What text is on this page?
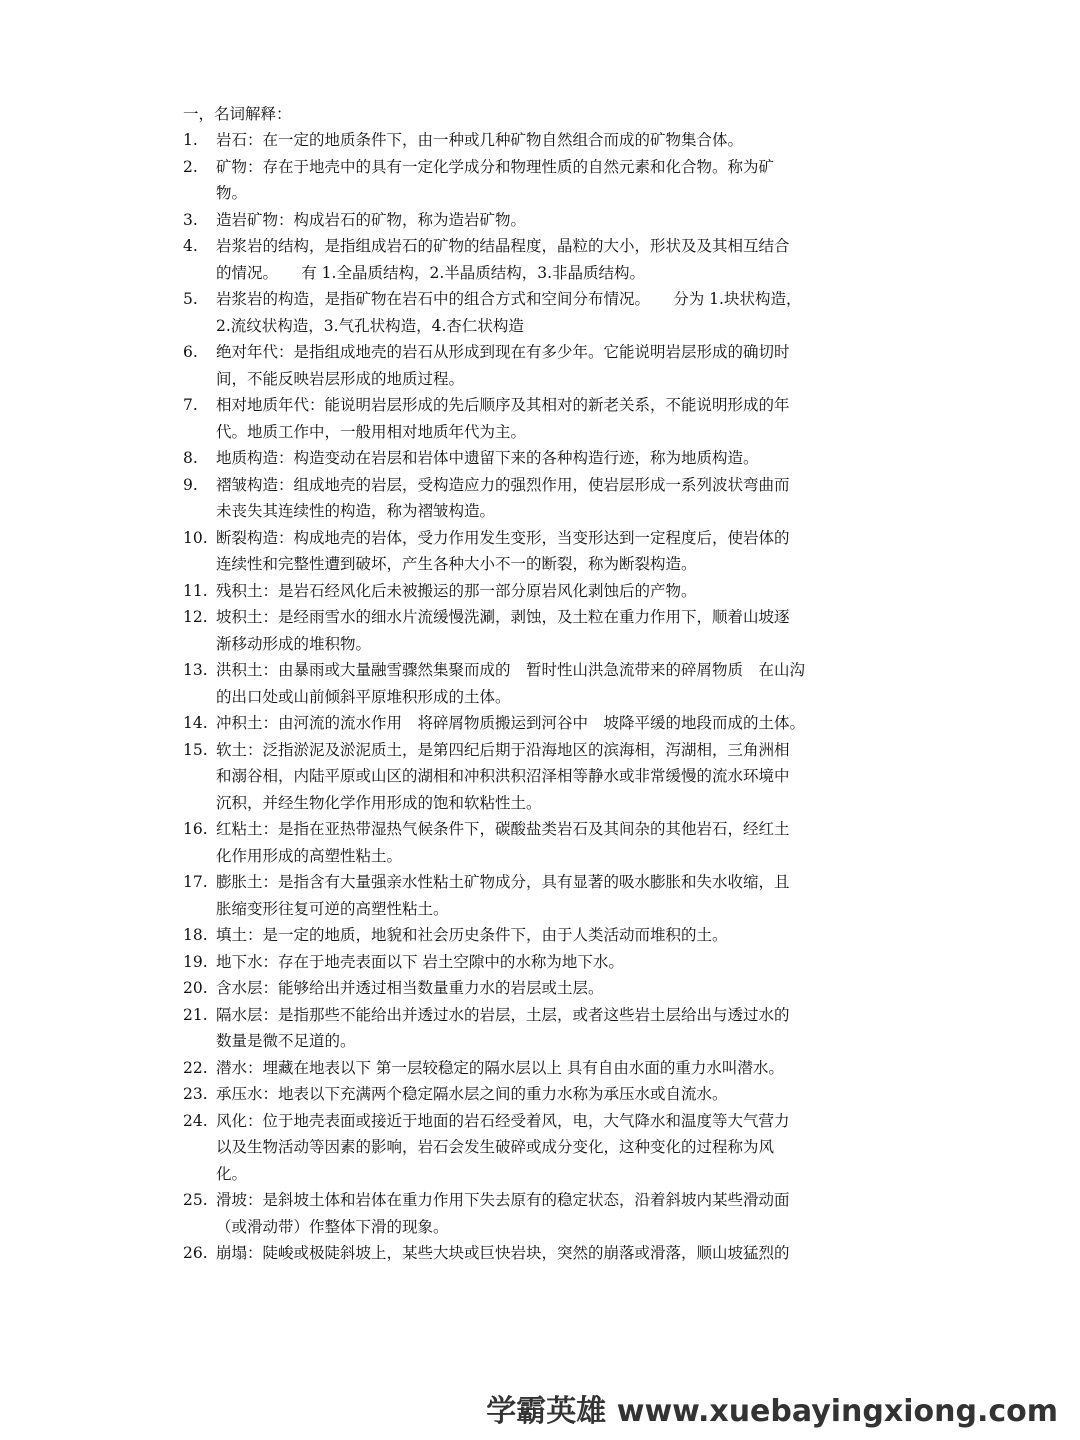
一，名词解释：
1. 岩石：在一定的地质条件下，由一种或几种矿物自然组合而成的矿物集合体。
2. 矿物：存在于地壳中的具有一定化学成分和物理性质的自然元素和化合物。称为矿
物。
3. 造岩矿物：构成岩石的矿物，称为造岩矿物。
4. 岩浆岩的结构，是指组成岩石的矿物的结晶程度，晶粒的大小，形状及及其相互结合
的情况。　　有 1.全晶质结构，2.半晶质结构，3.非晶质结构。
5. 岩浆岩的构造，是指矿物在岩石中的组合方式和空间分布情况。　　分为 1.块状构造，
2.流纹状构造，3.气孔状构造，4.杏仁状构造
6. 绝对年代：是指组成地壳的岩石从形成到现在有多少年。它能说明岩层形成的确切时
间，不能反映岩层形成的地质过程。
7. 相对地质年代：能说明岩层形成的先后顺序及其相对的新老关系，不能说明形成的年
代。地质工作中，一般用相对地质年代为主。
8. 地质构造：构造变动在岩层和岩体中遗留下来的各种构造行迹，称为地质构造。
9. 褶皱构造：组成地壳的岩层，受构造应力的强烈作用，使岩层形成一系列波状弯曲而
未丧失其连续性的构造，称为褶皱构造。
10. 断裂构造：构成地壳的岩体，受力作用发生变形，当变形达到一定程度后，使岩体的
连续性和完整性遭到破坏，产生各种大小不一的断裂，称为断裂构造。
11. 残积土：是岩石经风化后未被搬运的那一部分原岩风化剥蚀后的产物。
12. 坡积土：是经雨雪水的细水片流缓慢洗涮，剥蚀，及土粒在重力作用下，顺着山坡逐
渐移动形成的堆积物。
13. 洪积土：由暴雨或大量融雪骤然集聚而成的　暂时性山洪急流带来的碎屑物质　在山沟
的出口处或山前倾斜平原堆积形成的土体。
14. 冲积土：由河流的流水作用　将碎屑物质搬运到河谷中　坡降平缓的地段而成的土体。
15. 软土：泛指淤泥及淤泥质土，是第四纪后期于沿海地区的滨海相，泻湖相，三角洲相
和溺谷相，内陆平原或山区的湖相和冲积洪积沼泽相等静水或非常缓慢的流水环境中
沉积，并经生物化学作用形成的饱和软粘性土。
16. 红粘土：是指在亚热带湿热气候条件下，碳酸盐类岩石及其间杂的其他岩石，经红土
化作用形成的高塑性粘土。
17. 膨胀土：是指含有大量强亲水性粘土矿物成分，具有显著的吸水膨胀和失水收缩，且
胀缩变形往复可逆的高塑性粘土。
18. 填土：是一定的地质，地貌和社会历史条件下，由于人类活动而堆积的土。
19. 地下水：存在于地壳表面以下 岩土空隙中的水称为地下水。
20. 含水层：能够给出并透过相当数量重力水的岩层或土层。
21. 隔水层：是指那些不能给出并透过水的岩层，土层，或者这些岩土层给出与透过水的
数量是微不足道的。
22. 潜水：埋藏在地表以下 第一层较稳定的隔水层以上 具有自由水面的重力水叫潜水。
23. 承压水：地表以下充满两个稳定隔水层之间的重力水称为承压水或自流水。
24. 风化：位于地壳表面或接近于地面的岩石经受着风，电，大气降水和温度等大气营力
以及生物活动等因素的影响，岩石会发生破碎或成分变化，这种变化的过程称为风
化。
25. 滑坡：是斜坡土体和岩体在重力作用下失去原有的稳定状态，沿着斜坡内某些滑动面
（或滑动带）作整体下滑的现象。
26. 崩塌：陡峻或极陡斜坡上，某些大块或巨快岩块，突然的崩落或滑落，顺山坡猛烈的
学霸英雄 www.xuebayingxiong.com
